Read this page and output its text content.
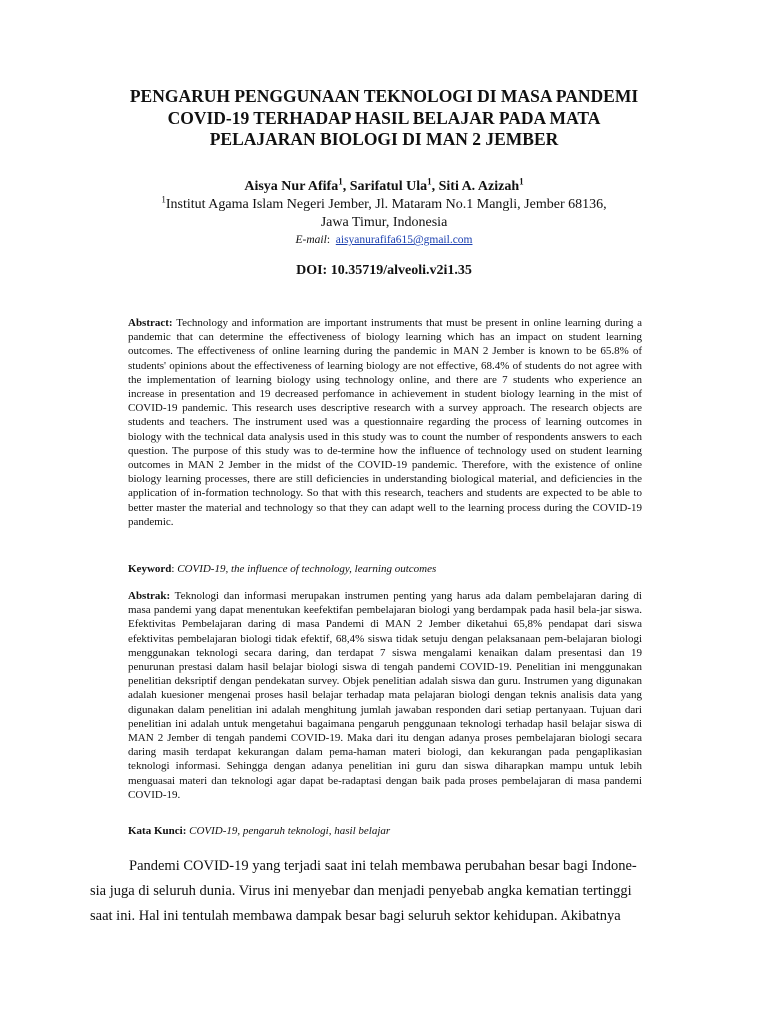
PENGARUH PENGGUNAAN TEKNOLOGI DI MASA PANDEMI
COVID-19 TERHADAP HASIL BELAJAR PADA MATA
PELAJARAN BIOLOGI DI MAN 2 JEMBER
Aisya Nur Afifa$^1$, Sarifatul Ula$^1$, Siti A. Azizah$^1$
$^1$Institut Agama Islam Negeri Jember, Jl. Mataram No.1 Mangli, Jember 68136,
Jawa Timur, Indonesia
E-mail:  aisyanurafifa615@gmail.com
DOI: 10.35719/alveoli.v2i1.35

Abstract: Technology and information are important instruments that must be present in online learning during a pandemic that can determine the effectiveness of biology learning which has an impact on student learning outcomes. The effectiveness of online learning during the pandemic in MAN 2 Jember is known to be 65.8% of students' opinions about the effectiveness of learning biology are not effective, 68.4% of students do not agree with the implementation of learning biology using technology online, and there are 7 students who experience an increase in presentation and 19 decreased perfomance in achievement in student biology learning in the mist of COVID-19 pandemic. This research uses descriptive research with a survey approach. The research objects are students and teachers. The instrument used was a questionnaire regarding the process of learning outcomes in biology with the technical data analysis used in this study was to count the number of respondents answers to each question. The purpose of this study was to de-termine how the influence of technology used on student learning outcomes in MAN 2 Jember in the midst of the COVID-19 pandemic. Therefore, with the existence of online biology learning processes, there are still deficiencies in understanding biological material, and deficiencies in the application of in-formation technology. So that with this research, teachers and students are expected to be able to better master the material and technology so that they can adapt well to the learning process during the COVID-19 pandemic.

Keyword: COVID-19, the influence of technology, learning outcomes

Abstrak: Teknologi dan informasi merupakan instrumen penting yang harus ada dalam pembelajaran daring di masa pandemi yang dapat menentukan keefektifan pembelajaran biologi yang berdampak pada hasil bela-jar siswa. Efektivitas Pembelajaran daring di masa Pandemi di MAN 2 Jember diketahui 65,8% pendapat dari siswa efektivitas pembelajaran biologi tidak efektif, 68,4% siswa tidak setuju dengan pelaksanaan pem-belajaran biologi menggunakan teknologi secara daring, dan terdapat 7 siswa mengalami kenaikan dalam presentasi dan 19 penurunan prestasi dalam hasil belajar biologi siswa di tengah pandemi COVID-19. Penelitian ini menggunakan penelitian deksriptif dengan pendekatan survey. Objek penelitian adalah siswa dan guru. Instrumen yang digunakan adalah kuesioner mengenai proses hasil belajar terhadap mata pelajaran biologi dengan teknis analisis data yang digunakan dalam penelitian ini adalah menghitung jumlah jawaban responden dari setiap pertanyaan. Tujuan dari penelitian ini adalah untuk mengetahui bagaimana pengaruh penggunaan teknologi terhadap hasil belajar siswa di MAN 2 Jember di tengah pandemi COVID-19. Maka dari itu dengan adanya proses pembelajaran biologi secara daring masih terdapat kekurangan dalam pema-haman materi biologi, dan kekurangan pada pengaplikasian teknologi informasi. Sehingga dengan adanya penelitian ini guru dan siswa diharapkan mampu untuk lebih menguasai materi dan teknologi agar dapat be-radaptasi dengan baik pada proses pembelajaran di masa pandemi COVID-19.

Kata Kunci: COVID-19, pengaruh teknologi, hasil belajar

Pandemi COVID-19 yang terjadi saat ini telah membawa perubahan besar bagi Indone-
sia juga di seluruh dunia. Virus ini menyebar dan menjadi penyebab angka kematian tertinggi
saat ini. Hal ini tentulah membawa dampak besar bagi seluruh sektor kehidupan. Akibatnya
